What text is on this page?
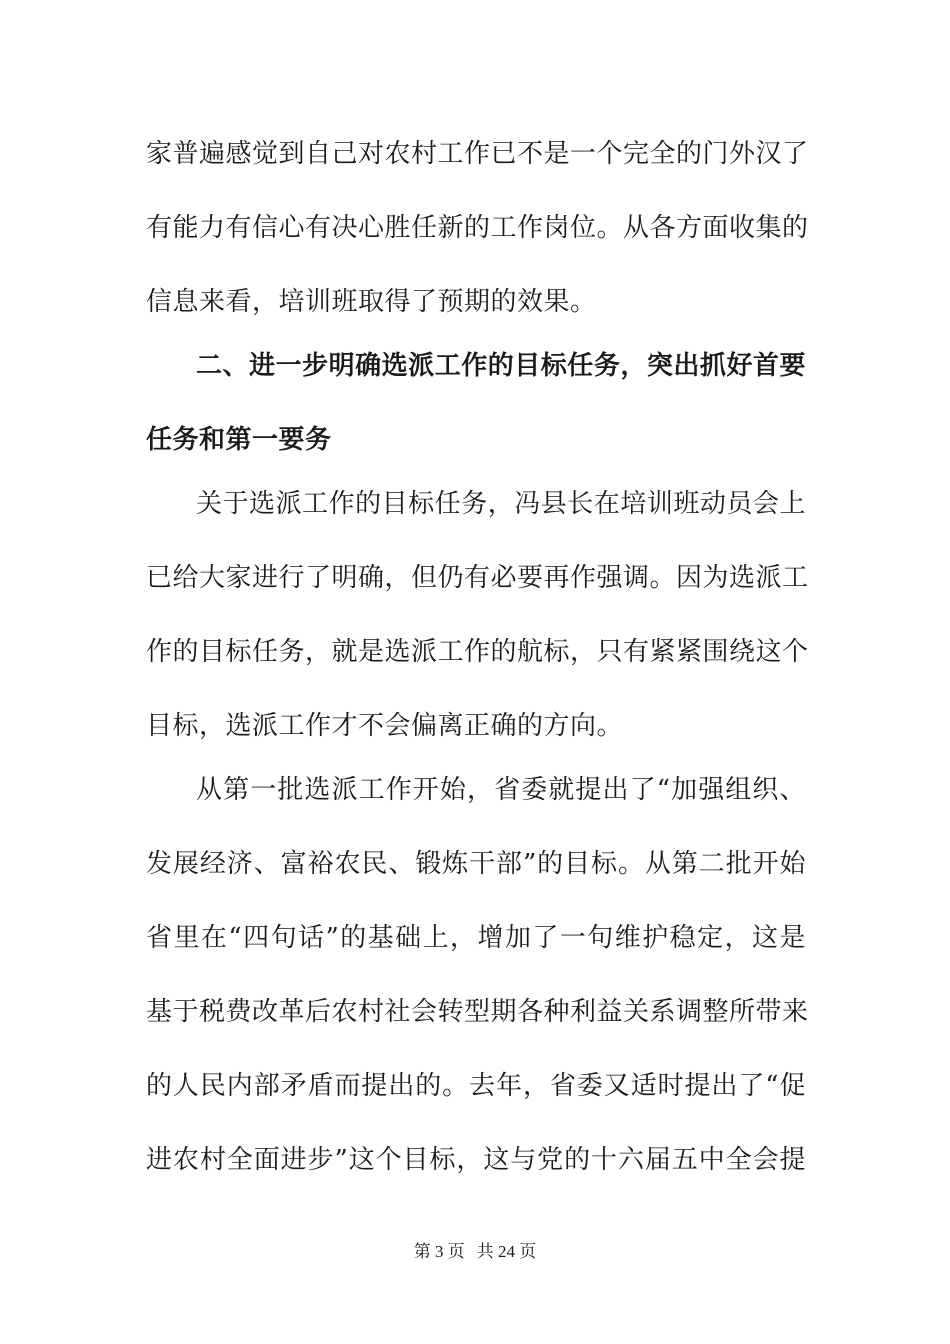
家普遍感觉到自己对农村工作已不是一个完全的门外汉了
有能力有信心有决心胜任新的工作岗位。从各方面收集的
信息来看，培训班取得了预期的效果。
二、进一步明确选派工作的目标任务，突出抓好首要
任务和第一要务
关于选派工作的目标任务，冯县长在培训班动员会上
已给大家进行了明确，但仍有必要再作强调。因为选派工
作的目标任务，就是选派工作的航标，只有紧紧围绕这个
目标，选派工作才不会偏离正确的方向。
从第一批选派工作开始，省委就提出了“加强组织、
发展经济、富裕农民、锻炼干部”的目标。从第二批开始
省里在“四句话”的基础上，增加了一句维护稳定，这是
基于税费改革后农村社会转型期各种利益关系调整所带来
的人民内部矛盾而提出的。去年，省委又适时提出了“促
进农村全面进步”这个目标，这与党的十六届五中全会提
第 3 页 共 24 页
